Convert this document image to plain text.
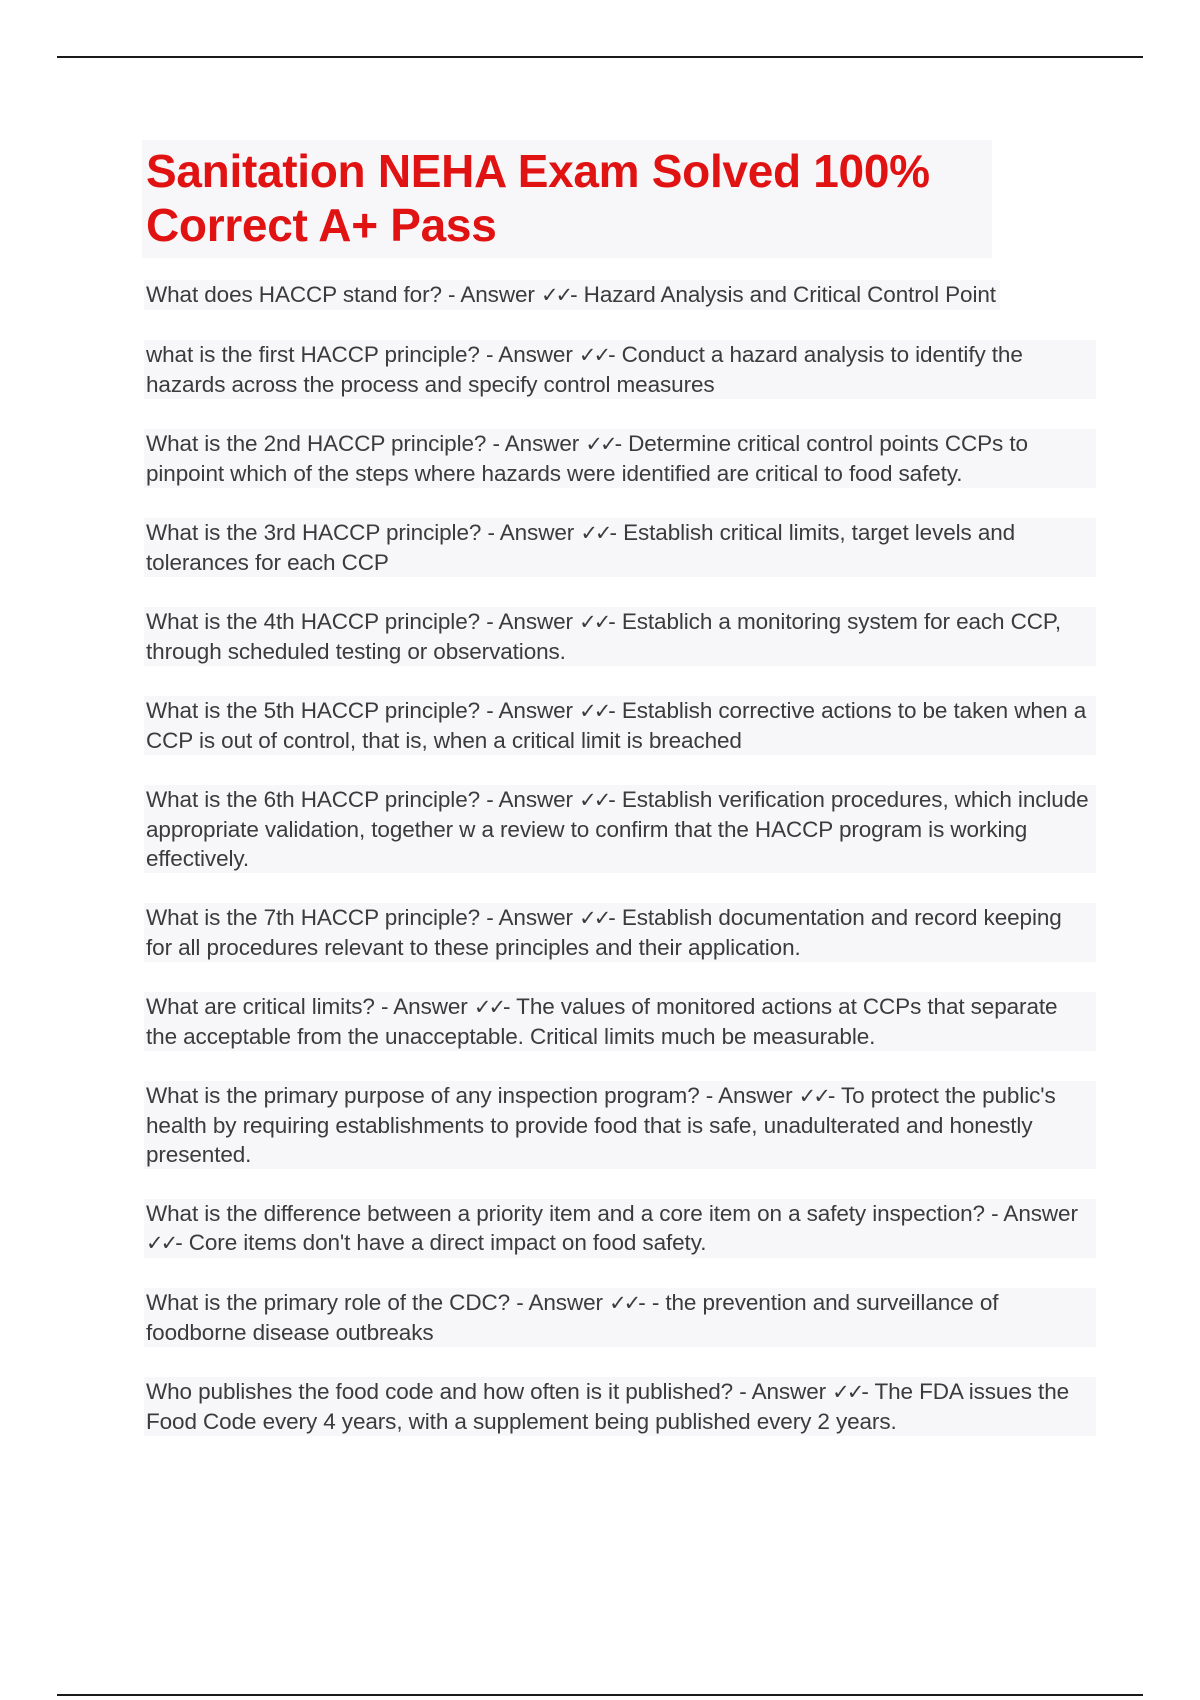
Sanitation NEHA Exam Solved 100% Correct A+ Pass
What does HACCP stand for? - Answer ✓✓- Hazard Analysis and Critical Control Point
what is the first HACCP principle? - Answer ✓✓- Conduct a hazard analysis to identify the hazards across the process and specify control measures
What is the 2nd HACCP principle? - Answer ✓✓- Determine critical control points CCPs to pinpoint which of the steps where hazards were identified are critical to food safety.
What is the 3rd HACCP principle? - Answer ✓✓- Establish critical limits, target levels and tolerances for each CCP
What is the 4th HACCP principle? - Answer ✓✓- Establich a monitoring system for each CCP, through scheduled testing or observations.
What is the 5th HACCP principle? - Answer ✓✓- Establish corrective actions to be taken when a CCP is out of control, that is, when a critical limit is breached
What is the 6th HACCP principle? - Answer ✓✓- Establish verification procedures, which include appropriate validation, together w a review to confirm that the HACCP program is working effectively.
What is the 7th HACCP principle? - Answer ✓✓- Establish documentation and record keeping for all procedures relevant to these principles and their application.
What are critical limits? - Answer ✓✓- The values of monitored actions at CCPs that separate the acceptable from the unacceptable. Critical limits much be measurable.
What is the primary purpose of any inspection program? - Answer ✓✓- To protect the public's health by requiring establishments to provide food that is safe, unadulterated and honestly presented.
What is the difference between a priority item and a core item on a safety inspection? - Answer ✓✓- Core items don't have a direct impact on food safety.
What is the primary role of the CDC? - Answer ✓✓- - the prevention and surveillance of foodborne disease outbreaks
Who publishes the food code and how often is it published? - Answer ✓✓- The FDA issues the Food Code every 4 years, with a supplement being published every 2 years.
